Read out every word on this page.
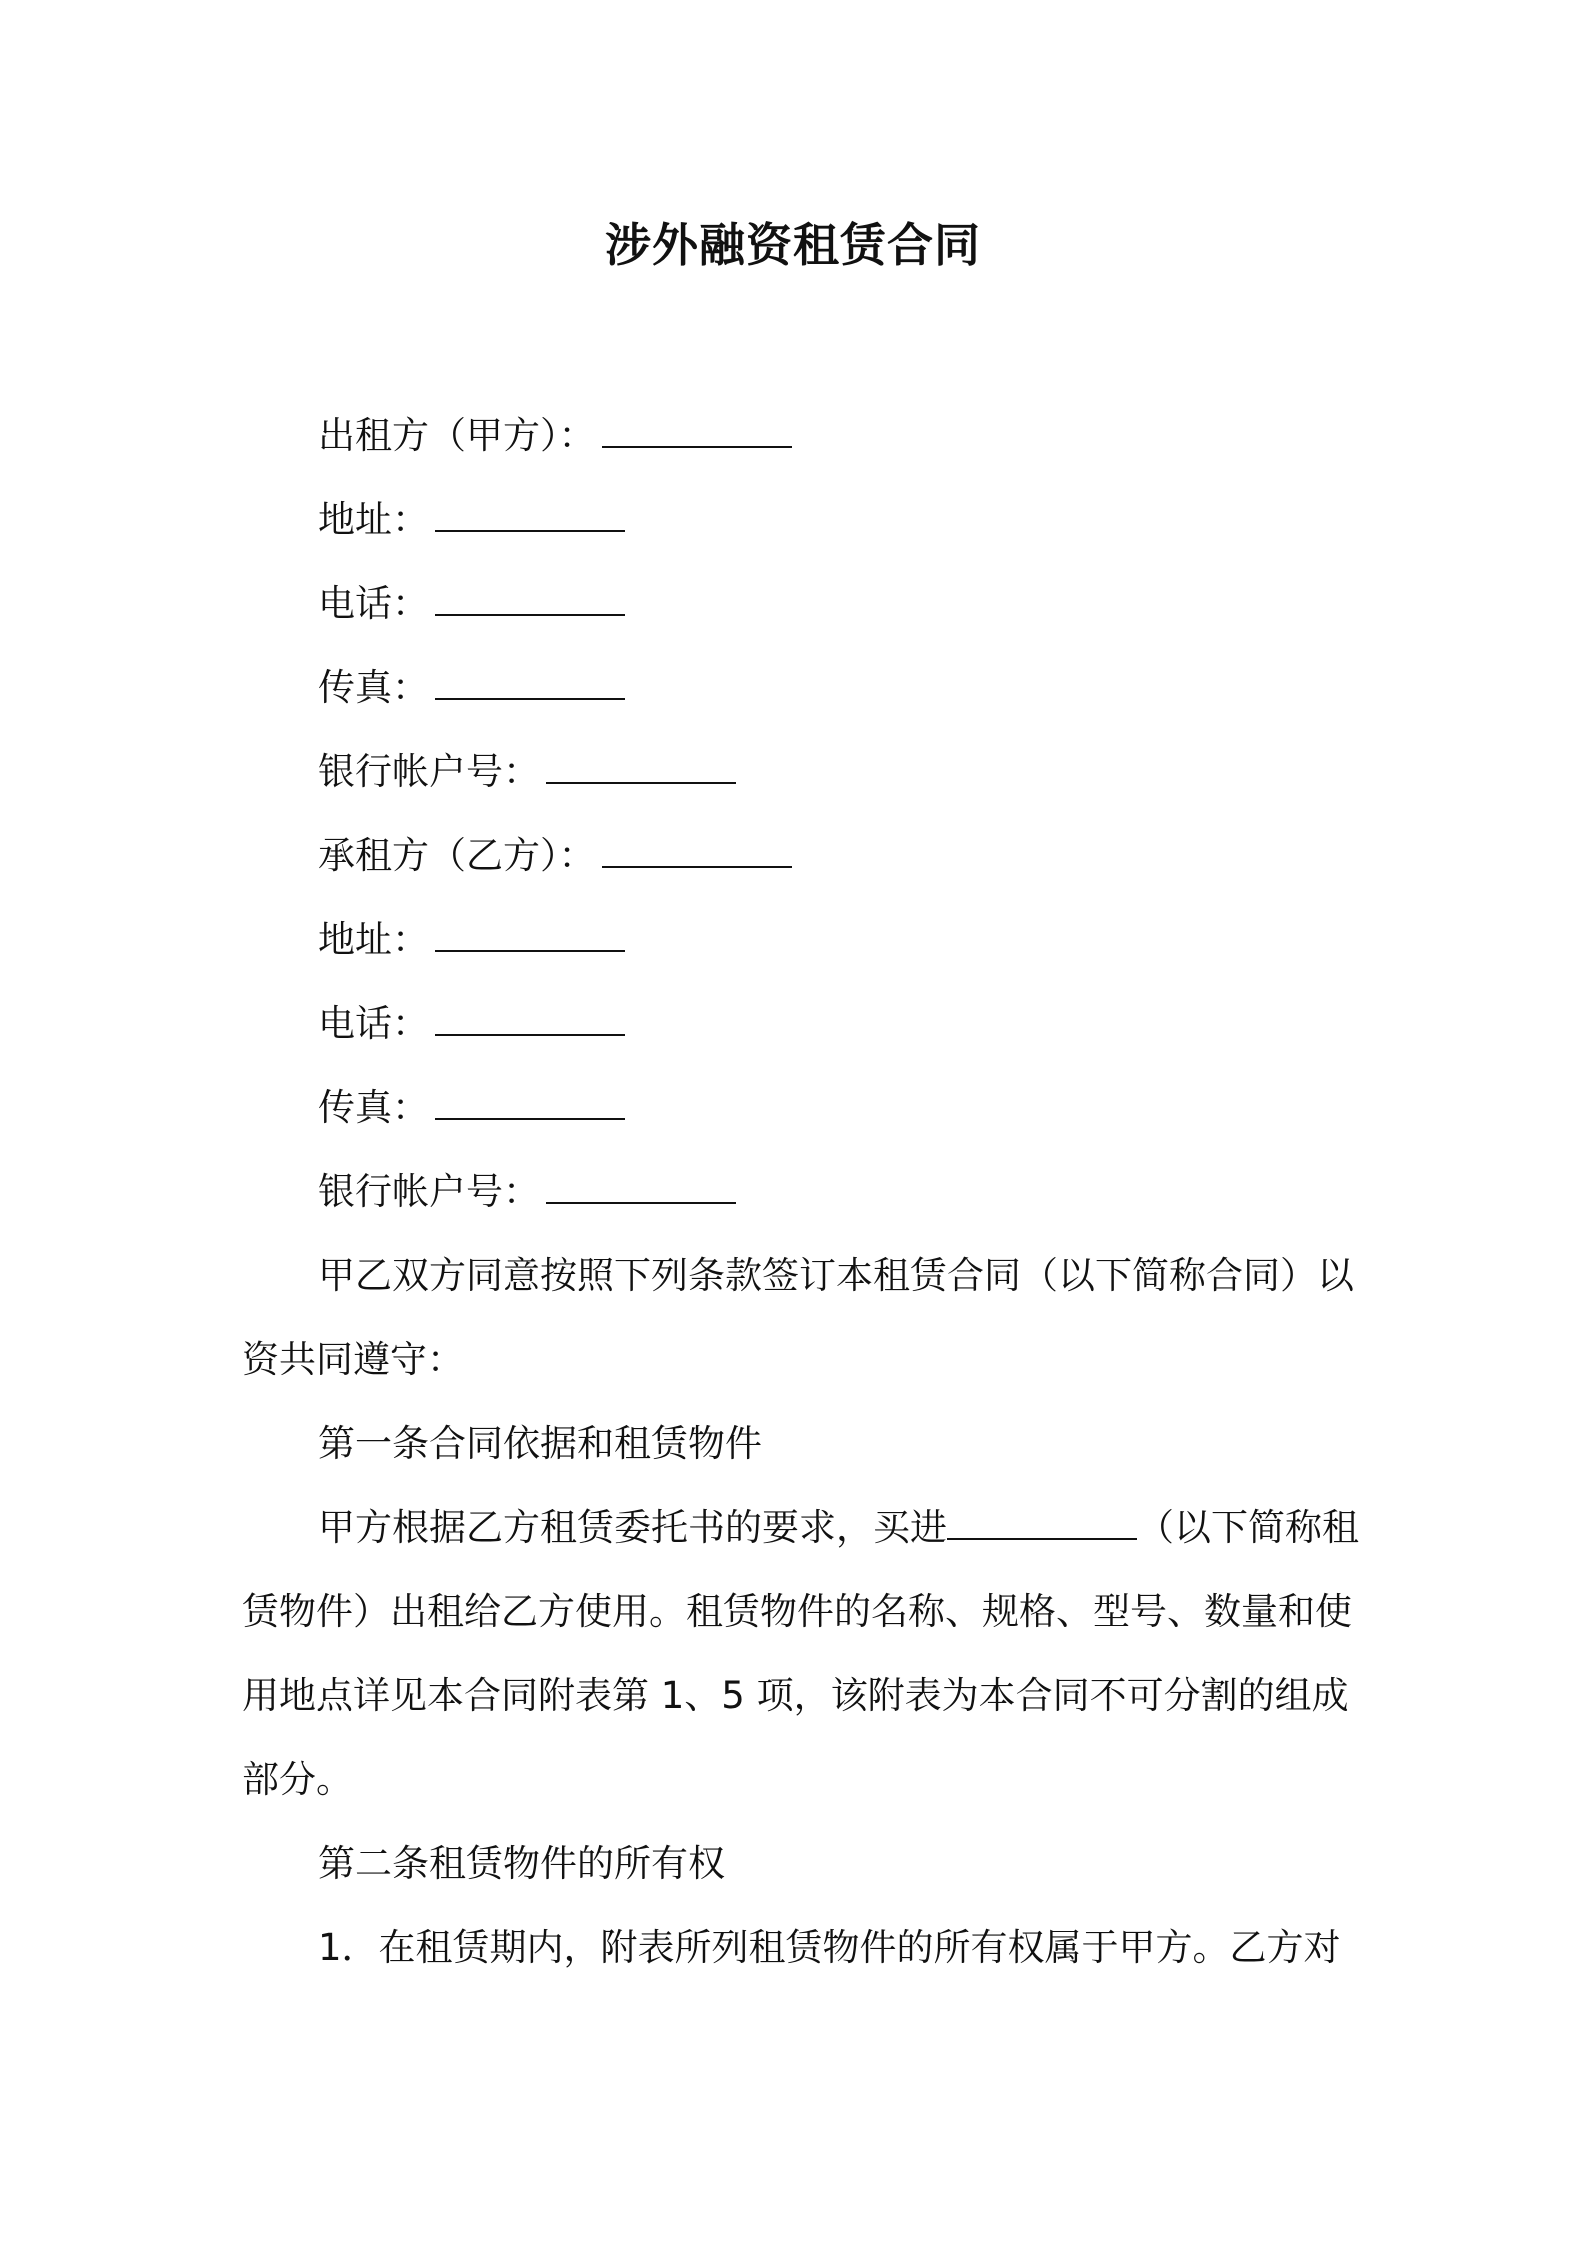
涉外融资租赁合同
出租方（甲方）：
地址：
电话：
传真：
银行帐户号：
承租方（乙方）：
地址：
电话：
传真：
银行帐户号：
甲乙双方同意按照下列条款签订本租赁合同（以下简称合同）以
资共同遵守：
第一条合同依据和租赁物件
甲方根据乙方租赁委托书的要求，买进	（以下简称租
赁物件）出租给乙方使用。租赁物件的名称、规格、型号、数量和使
用地点详见本合同附表第 1、5 项，该附表为本合同不可分割的组成
部分。
第二条租赁物件的所有权
1．在租赁期内，附表所列租赁物件的所有权属于甲方。乙方对
